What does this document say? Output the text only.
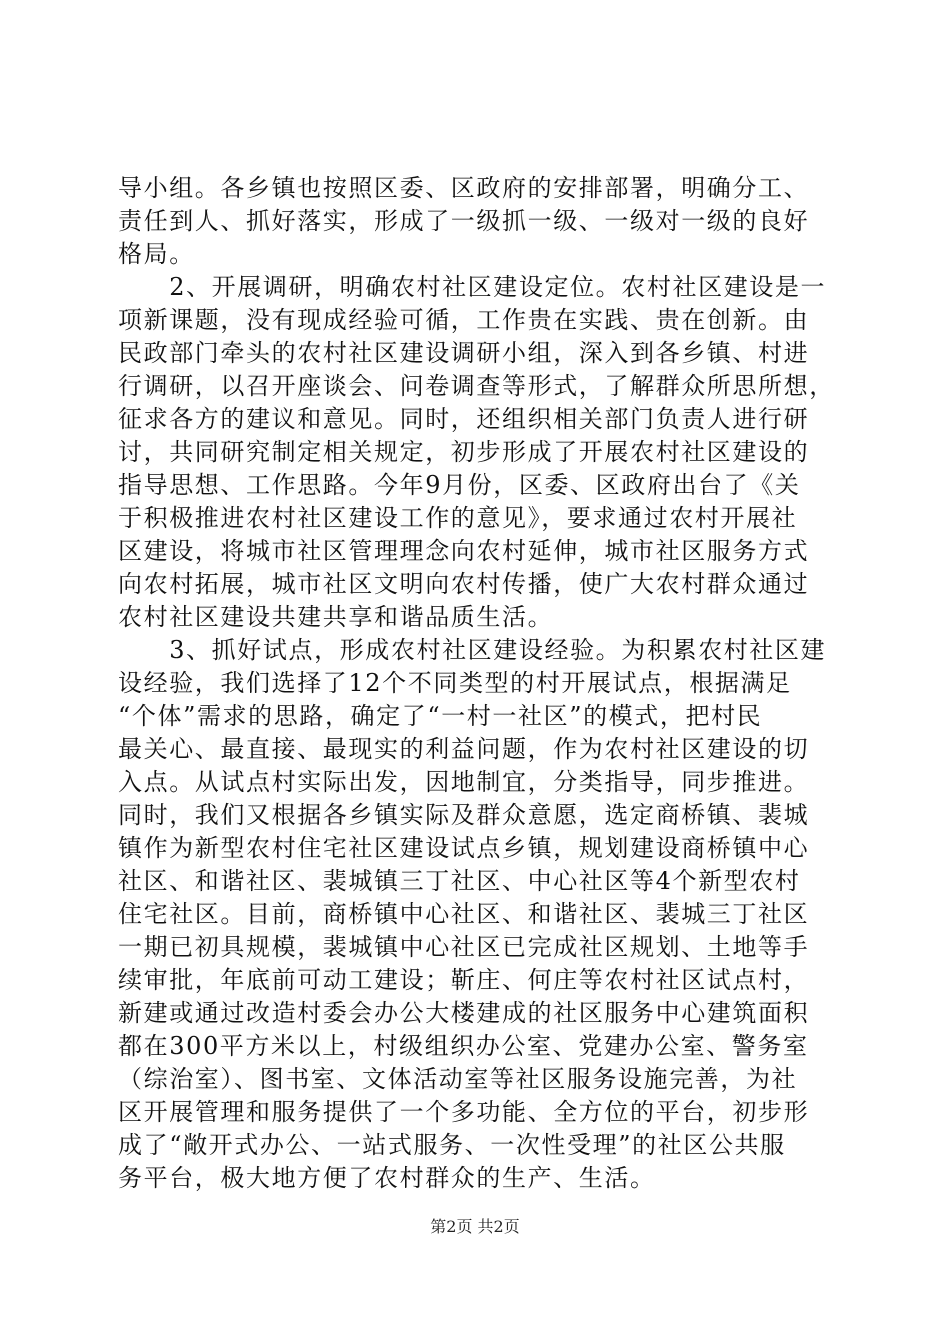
导小组。各乡镇也按照区委、区政府的安排部署，明确分工、
责任到人、抓好落实，形成了一级抓一级、一级对一级的良好
格局。
　　2、开展调研，明确农村社区建设定位。农村社区建设是一
项新课题，没有现成经验可循，工作贵在实践、贵在创新。由
民政部门牵头的农村社区建设调研小组，深入到各乡镇、村进
行调研，以召开座谈会、问卷调查等形式，了解群众所思所想，
征求各方的建议和意见。同时，还组织相关部门负责人进行研
讨，共同研究制定相关规定，初步形成了开展农村社区建设的
指导思想、工作思路。今年9月份，区委、区政府出台了《关
于积极推进农村社区建设工作的意见》，要求通过农村开展社
区建设，将城市社区管理理念向农村延伸，城市社区服务方式
向农村拓展，城市社区文明向农村传播，使广大农村群众通过
农村社区建设共建共享和谐品质生活。
　　3、抓好试点，形成农村社区建设经验。为积累农村社区建
设经验，我们选择了12个不同类型的村开展试点，根据满足
“个体”需求的思路，确定了“一村一社区”的模式，把村民
最关心、最直接、最现实的利益问题，作为农村社区建设的切
入点。从试点村实际出发，因地制宜，分类指导，同步推进。
同时，我们又根据各乡镇实际及群众意愿，选定商桥镇、裴城
镇作为新型农村住宅社区建设试点乡镇，规划建设商桥镇中心
社区、和谐社区、裴城镇三丁社区、中心社区等4个新型农村
住宅社区。目前，商桥镇中心社区、和谐社区、裴城三丁社区
一期已初具规模，裴城镇中心社区已完成社区规划、土地等手
续审批，年底前可动工建设；靳庄、何庄等农村社区试点村，
新建或通过改造村委会办公大楼建成的社区服务中心建筑面积
都在300平方米以上，村级组织办公室、党建办公室、警务室
（综治室）、图书室、文体活动室等社区服务设施完善，为社
区开展管理和服务提供了一个多功能、全方位的平台，初步形
成了“敞开式办公、一站式服务、一次性受理”的社区公共服
务平台，极大地方便了农村群众的生产、生活。
第2页 共2页
